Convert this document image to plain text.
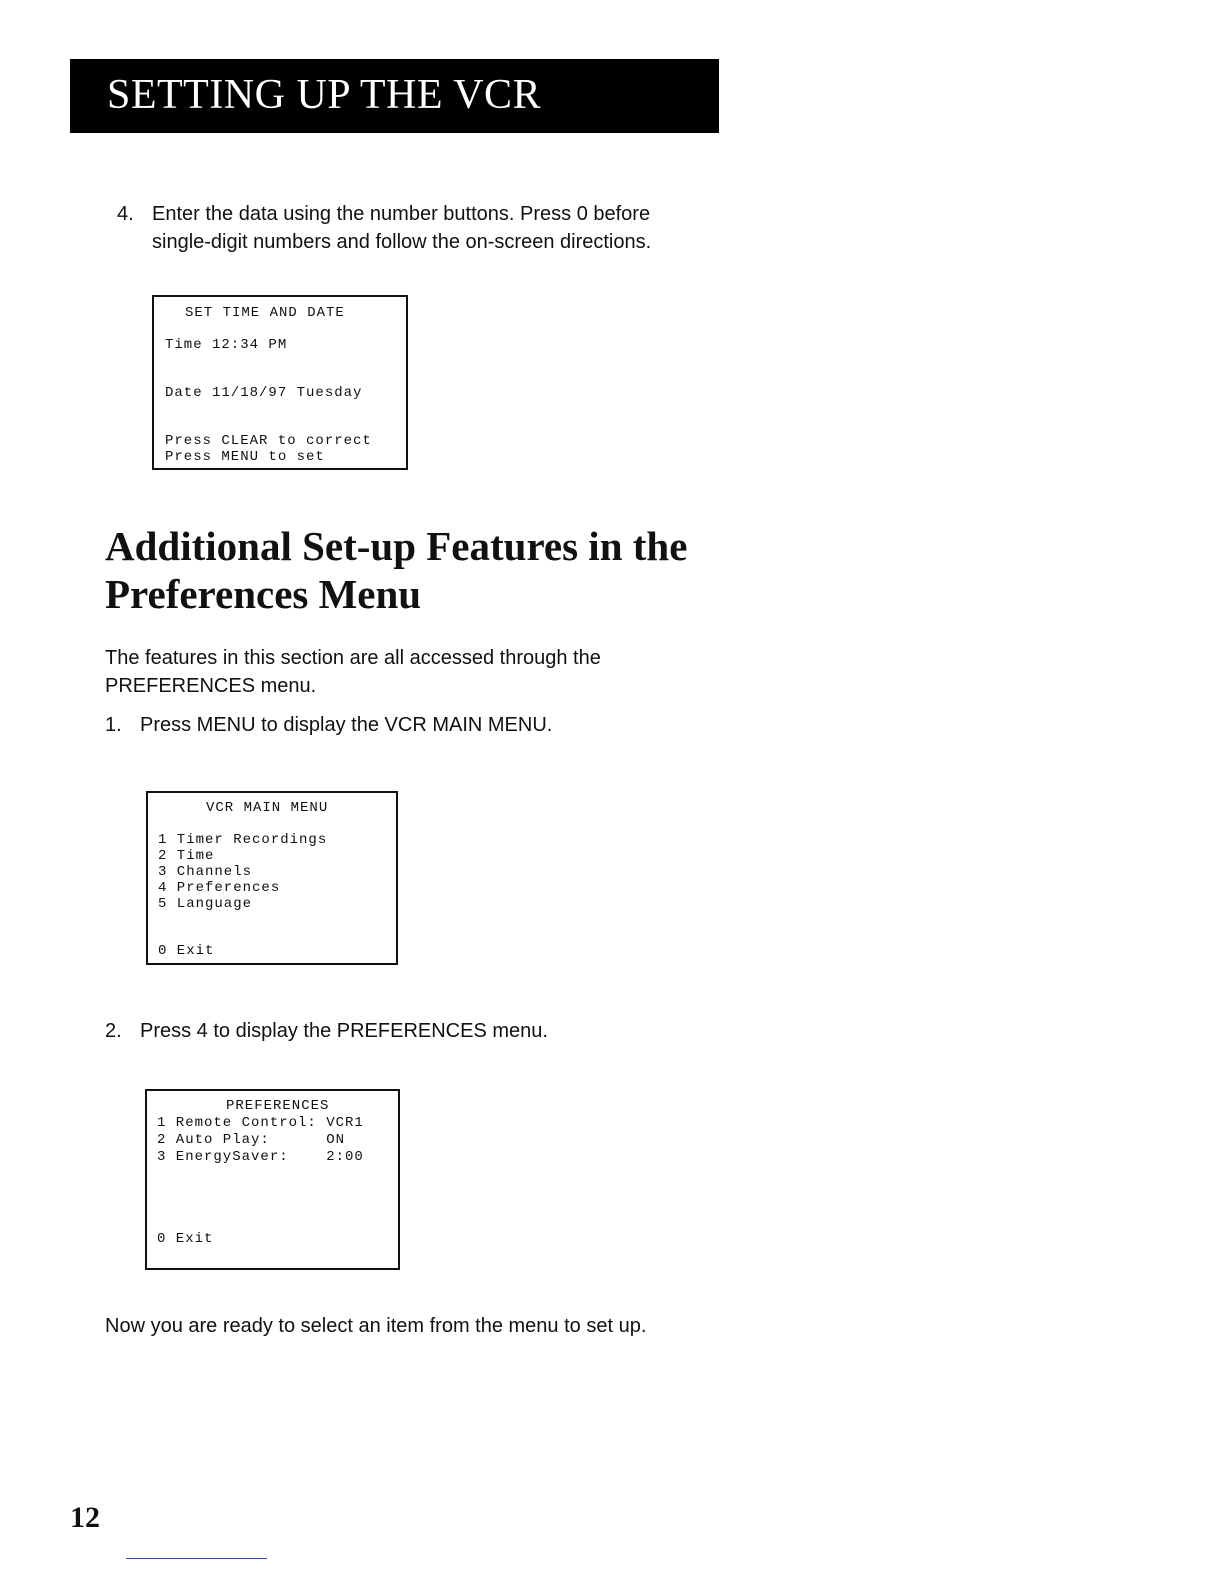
SETTING UP THE VCR
4. Enter the data using the number buttons. Press 0 before
single-digit numbers and follow the on-screen directions.
SET TIME AND DATE
Time 12:34 PM
Date 11/18/97 Tuesday
Press CLEAR to correct
Press MENU to set
Additional Set-up Features in the
Preferences Menu
The features in this section are all accessed through the
PREFERENCES menu.
1. Press MENU to display the VCR MAIN MENU.
VCR MAIN MENU
1 Timer Recordings
2 Time
3 Channels
4 Preferences
5 Language
0 Exit
2. Press 4 to display the PREFERENCES menu.
PREFERENCES
1 Remote Control: VCR1
2 Auto Play:      ON
3 EnergySaver:    2:00
0 Exit
Now you are ready to select an item from the menu to set up.
12
